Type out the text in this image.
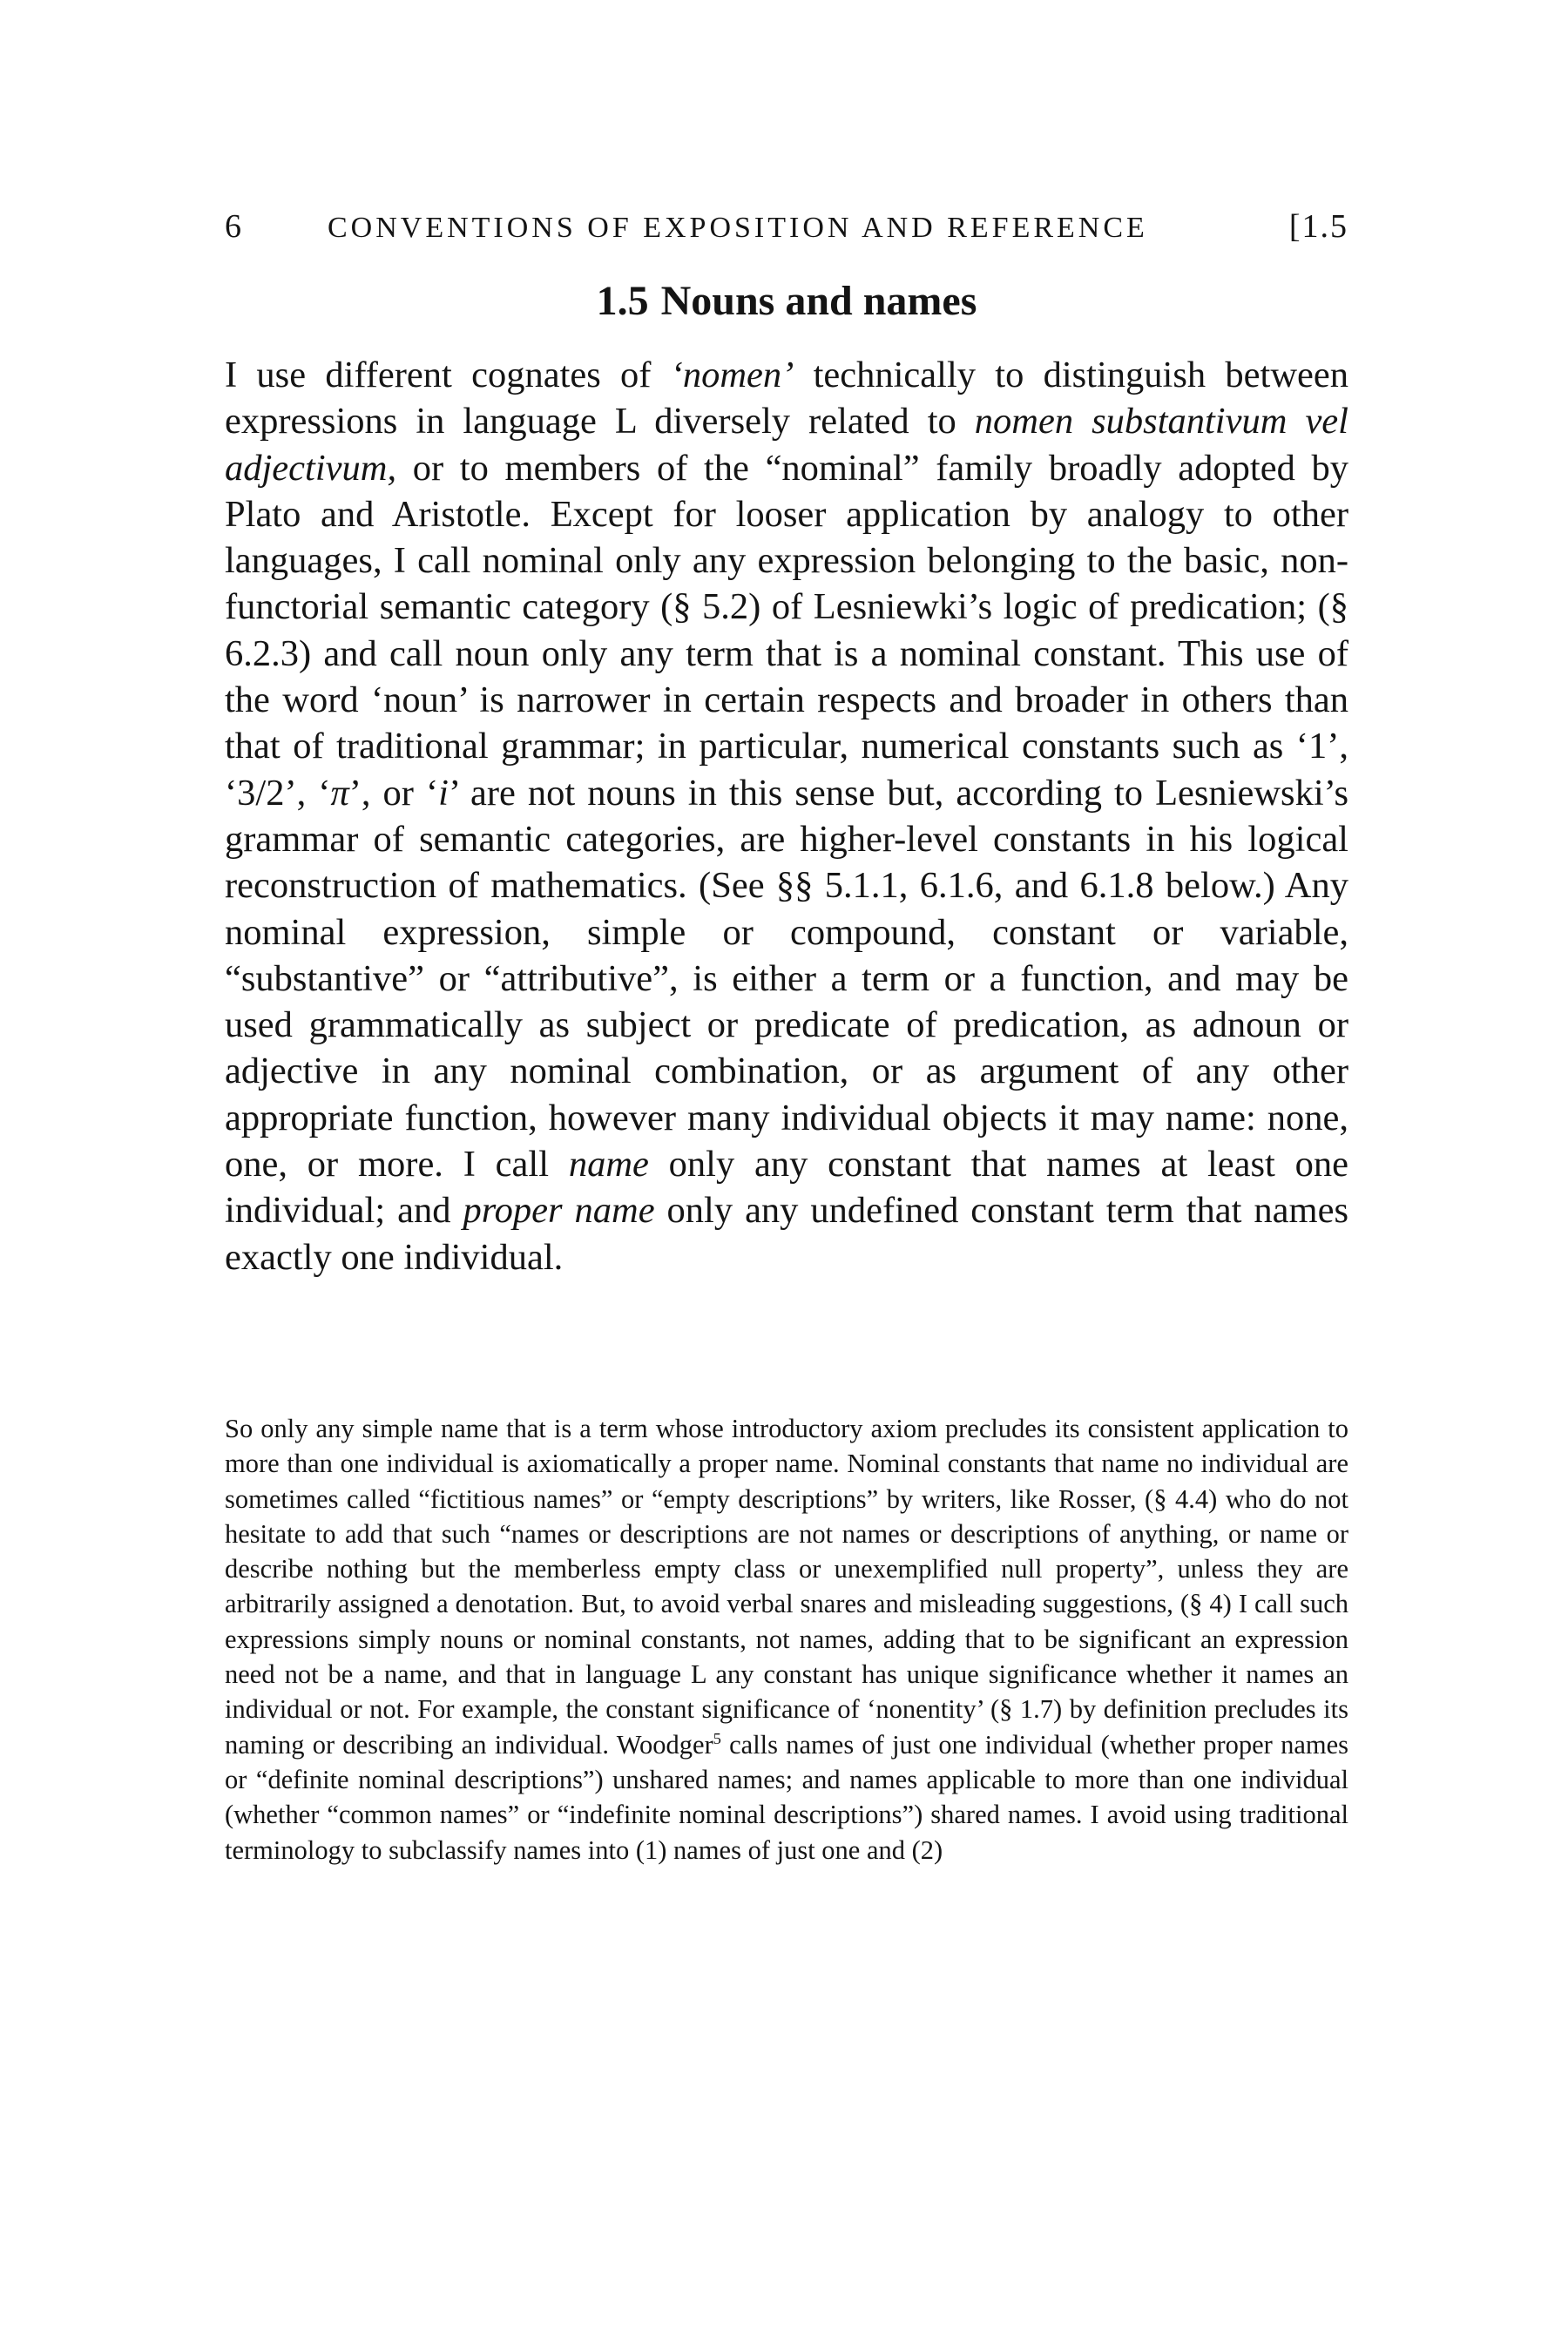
6	CONVENTIONS OF EXPOSITION AND REFERENCE	[1.5
1.5 Nouns and names

I use different cognates of ‘nomen’ technically to distinguish between expressions in language L diversely related to nomen substantivum vel adjectivum, or to members of the “nominal” family broadly adopted by Plato and Aristotle. Except for looser application by analogy to other languages, I call nominal only any expression belonging to the basic, non-functorial semantic category (§ 5.2) of Lesniewki’s logic of predication; (§ 6.2.3) and call noun only any term that is a nominal constant. This use of the word ‘noun’ is narrower in certain respects and broader in others than that of traditional grammar; in particular, numerical constants such as ‘1’, ‘3/2’, ‘π’, or ‘i’ are not nouns in this sense but, according to Lesniewski’s grammar of semantic categories, are higher-level constants in his logical reconstruction of mathematics. (See §§ 5.1.1, 6.1.6, and 6.1.8 below.) Any nominal expression, simple or compound, constant or variable, “substantive” or “attributive”, is either a term or a function, and may be used grammatically as subject or predicate of predication, as adnoun or adjective in any nominal combination, or as argument of any other appropriate function, however many individual objects it may name: none, one, or more. I call name only any constant that names at least one individual; and proper name only any undefined constant term that names exactly one individual.

So only any simple name that is a term whose introductory axiom precludes its consistent application to more than one individual is axiomatically a proper name. Nominal constants that name no individual are sometimes called “fictitious names” or “empty descriptions” by writers, like Rosser, (§ 4.4) who do not hesitate to add that such “names or descriptions are not names or descriptions of anything, or name or describe nothing but the memberless empty class or unexemplified null property”, unless they are arbitrarily assigned a denotation. But, to avoid verbal snares and misleading suggestions, (§ 4) I call such expressions simply nouns or nominal constants, not names, adding that to be significant an expression need not be a name, and that in language L any constant has unique significance whether it names an individual or not. For example, the constant significance of ‘nonentity’ (§ 1.7) by definition precludes its naming or describing an individual. Woodger$^5$ calls names of just one individual (whether proper names or “definite nominal descriptions”) unshared names; and names applicable to more than one individual (whether “common names” or “indefinite nominal descriptions”) shared names. I avoid using traditional terminology to subclassify names into (1) names of just one and (2)
